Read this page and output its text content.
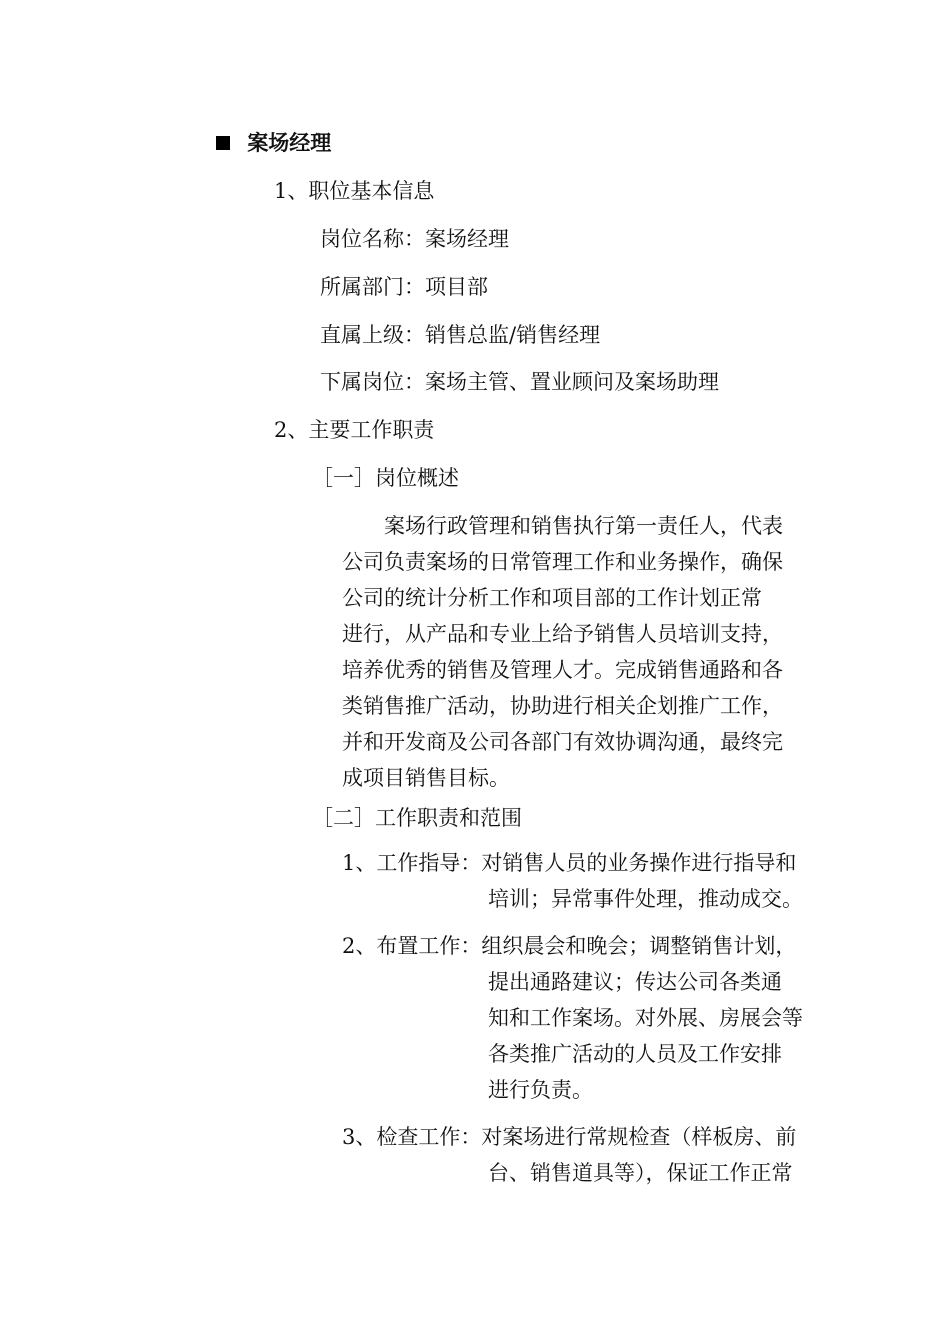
案场经理
1、职位基本信息
岗位名称：案场经理
所属部门：项目部
直属上级：销售总监/销售经理
下属岗位：案场主管、置业顾问及案场助理
2、主要工作职责
［一］岗位概述
　　案场行政管理和销售执行第一责任人，代表
公司负责案场的日常管理工作和业务操作，确保
公司的统计分析工作和项目部的工作计划正常
进行，从产品和专业上给予销售人员培训支持，
培养优秀的销售及管理人才。完成销售通路和各
类销售推广活动，协助进行相关企划推广工作，
并和开发商及公司各部门有效协调沟通，最终完
成项目销售目标。
［二］工作职责和范围
1、工作指导：对销售人员的业务操作进行指导和
培训；异常事件处理，推动成交。
2、布置工作：组织晨会和晚会；调整销售计划，
提出通路建议；传达公司各类通
知和工作案场。对外展、房展会等
各类推广活动的人员及工作安排
进行负责。
3、检查工作：对案场进行常规检查（样板房、前
台、销售道具等），保证工作正常
